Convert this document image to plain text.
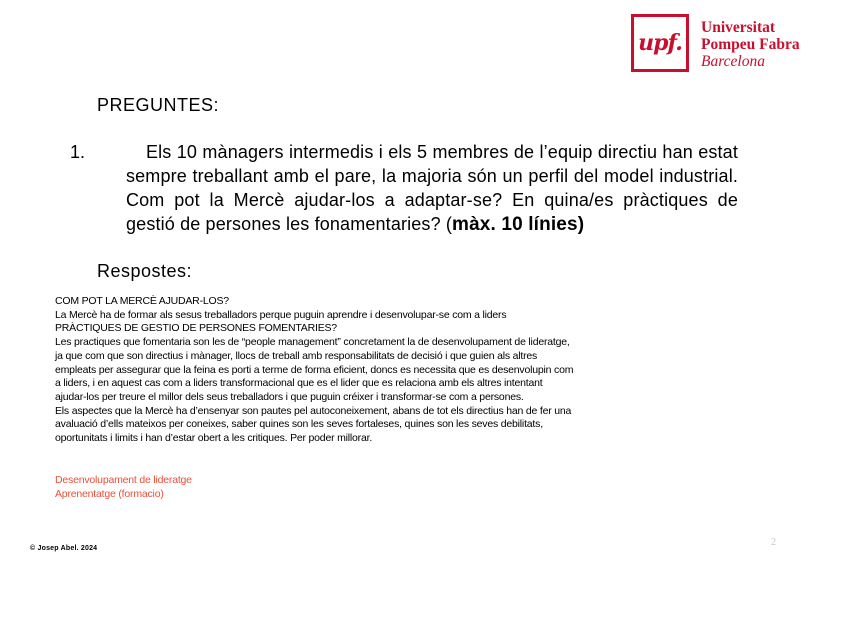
upf.
Universitat
Pompeu Fabra
Barcelona
PREGUNTES:
1.	Els 10 mànagers intermedis i els 5 membres de l’equip directiu han estat sempre treballant amb el pare, la majoria són un perfil del model industrial. Com pot la Mercè ajudar-los a adaptar-se? En quina/es pràctiques de gestió de persones les fonamentaries? (màx. 10 línies)
Respostes:
COM POT LA MERCÈ AJUDAR-LOS?
La Mercè ha de formar als sesus treballadors perque puguin aprendre i desenvolupar-se com a liders
PRÀCTIQUES DE GESTIO DE PERSONES FOMENTARIES?
Les practiques que fomentaria son les de “people management” concretament la de desenvolupament de lideratge,
ja que com que son directius i mànager, llocs de treball amb responsabilitats de decisió i que guien als altres
empleats per assegurar que la feina es porti a terme de forma eficient, doncs es necessita que es desenvolupin com
a liders, i en aquest cas com a liders transformacional que es el lider que es relaciona amb els altres intentant
ajudar-los per treure el millor dels seus treballadors i que puguin créixer i transformar-se com a persones.
Els aspectes que la Mercè ha d’ensenyar son pautes pel autoconeixement, abans de tot els directius han de fer una
avaluació d’ells mateixos per coneixes, saber quines son les seves fortaleses, quines son les seves debilitats,
oportunitats i limits i han d’estar obert a les critiques. Per poder millorar.
Desenvolupament de lideratge
Aprenentatge (formacio)
2
© Josep Abel. 2024
